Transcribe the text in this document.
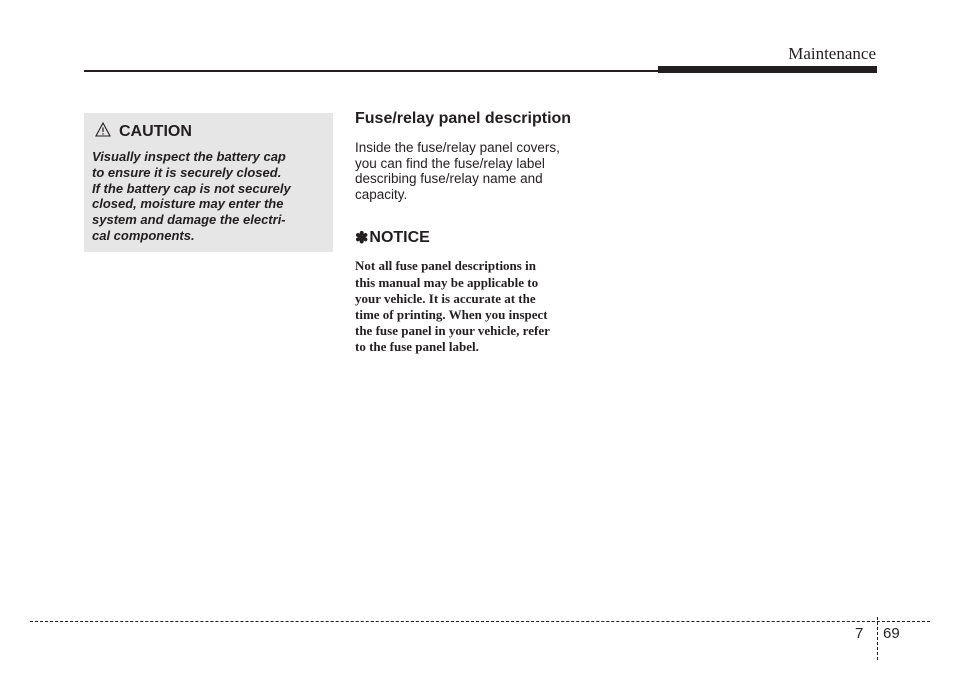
Maintenance
CAUTION
Visually inspect the battery cap
to ensure it is securely closed.
If the battery cap is not securely
closed, moisture may enter the
system and damage the electri-
cal components.
Fuse/relay panel description
Inside the fuse/relay panel covers,
you can find the fuse/relay label
describing fuse/relay name and
capacity.
✽ NOTICE
Not all fuse panel descriptions in
this manual may be applicable to
your vehicle. It is accurate at the
time of printing. When you inspect
the fuse panel in your vehicle, refer
to the fuse panel label.
7 69
